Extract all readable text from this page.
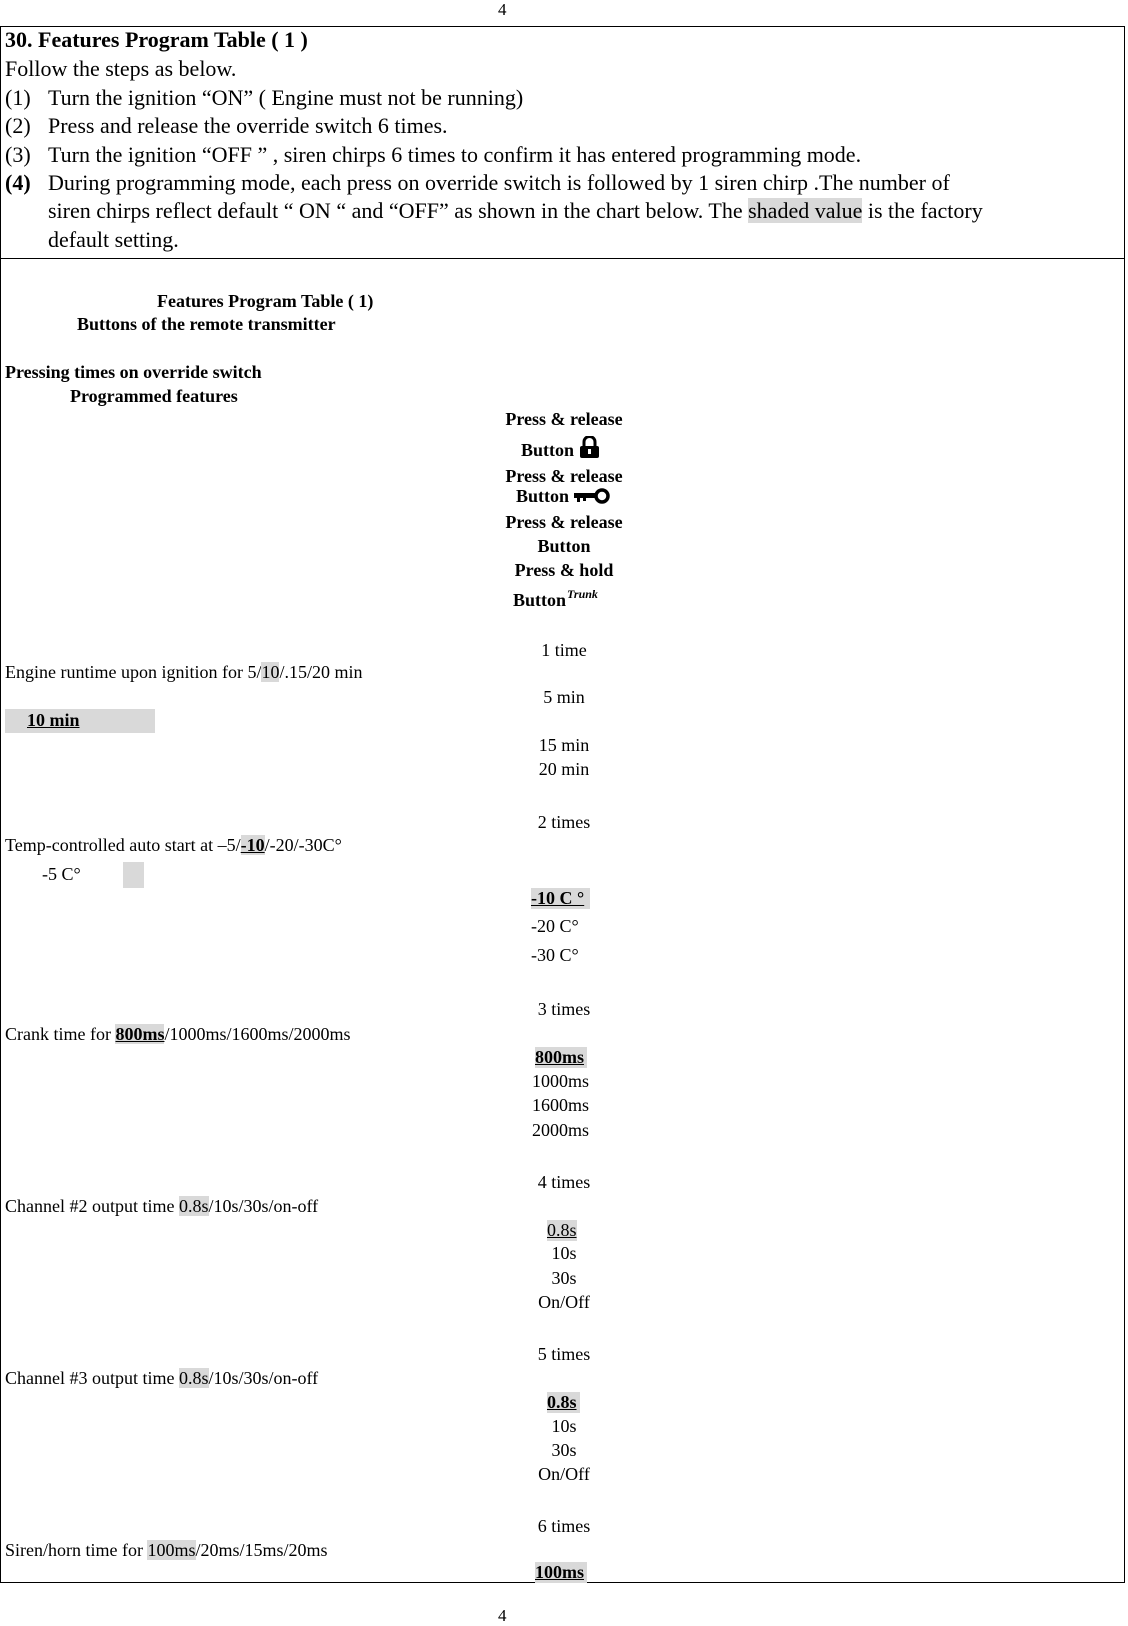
4
4
30. Features Program Table ( 1 )
Follow the steps as below.
(1) Turn the ignition “ON” ( Engine must not be running)
(2) Press and release the override switch 6 times.
(3) Turn the ignition “OFF ” , siren chirps 6 times to confirm it has entered programming mode.
(4) During programming mode, each press on override switch is followed by 1 siren chirp .The number of
siren chirps reflect default “ ON “ and “OFF” as shown in the chart below. The shaded value is the factory
default setting.
Features Program Table ( 1)
Buttons of the remote transmitter
Pressing times on override switch
Programmed features
Press & release
Button
Press & release
Button
Press & release
Button
Press & hold
Button$^{Trunk}$
1 time
Engine runtime upon ignition for 5/10/.15/20 min
5 min
10 min
15 min
20 min
2 times
Temp-controlled auto start at –5/-10/-20/-30C°
-5 C°
-10 C °
-20 C°
-30 C°
3 times
Crank time for 800ms/1000ms/1600ms/2000ms
800ms
1000ms
1600ms
2000ms
4 times
Channel #2 output time 0.8s/10s/30s/on-off
0.8s
10s
30s
On/Off
5 times
Channel #3 output time 0.8s/10s/30s/on-off
0.8s
10s
30s
On/Off
6 times
Siren/horn time for 100ms/20ms/15ms/20ms
100ms
